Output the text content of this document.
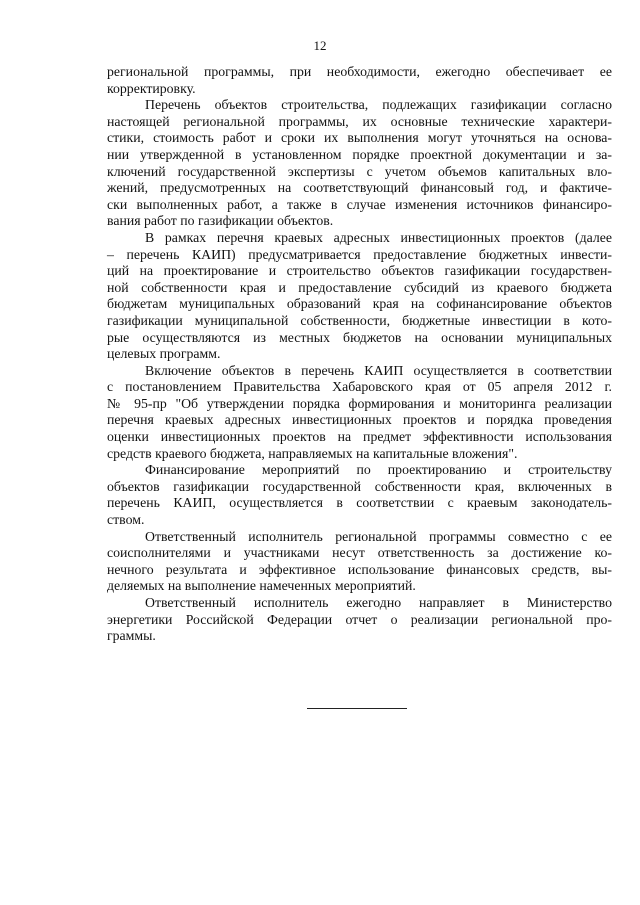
12
региональной программы, при необходимости, ежегодно обеспечивает ее
корректировку.
Перечень объектов строительства, подлежащих газификации согласно
настоящей региональной программы, их основные технические характери-
стики, стоимость работ и сроки их выполнения могут уточняться на основа-
нии утвержденной в установленном порядке проектной документации и за-
ключений государственной экспертизы с учетом объемов капитальных вло-
жений, предусмотренных на соответствующий финансовый год, и фактиче-
ски выполненных работ, а также в случае изменения источников финансиро-
вания работ по газификации объектов.
В рамках перечня краевых адресных инвестиционных проектов (далее
– перечень КАИП) предусматривается предоставление бюджетных инвести-
ций на проектирование и строительство объектов газификации государствен-
ной собственности края и предоставление субсидий из краевого бюджета
бюджетам муниципальных образований края на софинансирование объектов
газификации муниципальной собственности, бюджетные инвестиции в кото-
рые осуществляются из местных бюджетов на основании муниципальных
целевых программ.
Включение объектов в перечень КАИП осуществляется в соответствии
с постановлением Правительства Хабаровского края от 05 апреля 2012 г.
№ 95-пр "Об утверждении порядка формирования и мониторинга реализации
перечня краевых адресных инвестиционных проектов и порядка проведения
оценки инвестиционных проектов на предмет эффективности использования
средств краевого бюджета, направляемых на капитальные вложения".
Финансирование мероприятий по проектированию и строительству
объектов газификации государственной собственности края, включенных в
перечень КАИП, осуществляется в соответствии с краевым законодатель-
ством.
Ответственный исполнитель региональной программы совместно с ее
соисполнителями и участниками несут ответственность за достижение ко-
нечного результата и эффективное использование финансовых средств, вы-
деляемых на выполнение намеченных мероприятий.
Ответственный исполнитель ежегодно направляет в Министерство
энергетики Российской Федерации отчет о реализации региональной про-
граммы.
